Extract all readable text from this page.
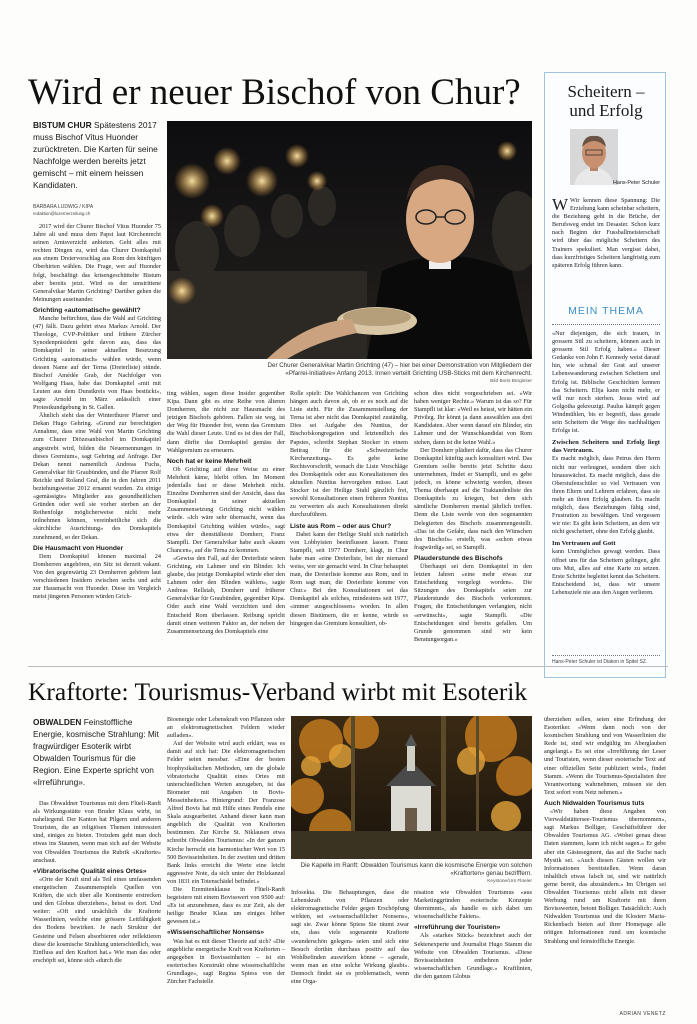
Wird er neuer Bischof von Chur?
BISTUM CHUR Spätestens 2017 muss Bischof Vitus Huonder zurücktreten. Die Karten für seine Nachfolge werden bereits jetzt gemischt – mit einem heissen Kandidaten.
BARBARA LUDWIG / KIPA
redaktion@luzernerzeitung.ch

2017 wird der Churer Bischof Vitus Huonder 75 Jahre alt und muss dem Papst laut Kirchenrecht seinen Amtsverzicht anbieten. Geht alles mit rechten Dingen zu, wird das Churer Domkapitel aus einem Dreiervorschlag aus Rom den künftigen Oberhirten wählen. Die Frage, wer auf Huonder folgt, beschäftigt das krisengeschüttelte Bistum aber bereits jetzt. Wird es der umstrittene Generalvikar Martin Grichting? Darüber gehen die Meinungen auseinander.

Grichting «automatisch» gewählt?

Manche befürchten, dass die Wahl auf Grichting (47) fällt. Dazu gehört etwa Markus Arnold. Der Theologe, CVP-Politiker und frühere Zürcher Synodenpräsident geht davon aus, dass das Domkapitel in seiner aktuellen Besetzung Grichting «automatisch» wählen würde, wenn dessen Name auf der Terna (Dreierliste) stünde. Bischof Amédée Grab, der Nachfolger von Wolfgang Haas, habe das Domkapitel «mit mit Leuten aus dem Dunstkreis von Haas bestückt», sagte Arnold im März anlässlich einer Protestkundgebung in St. Gallen.

Ähnlich sieht das der Winterthurer Pfarrer und Dekan Hugo Gehring. «Grund zur berechtigten Annahme, dass eine Wahl von Martin Grichting zum Churer Diözesanbischof im Domkapitel angestrebt wird, bilden die Neuernennungen in dieses Gremium», sagt Gehring auf Anfrage. Der Dekan nennt namentlich Andreas Fuchs, Generalvikar für Graubünden, und die Pfarrer Rolf Reichle und Roland Graf, die in den Jahren 2011 beziehungsweise 2012 ernannt wurden. Zu einige «gemässigte» Mitglieder aus gesundheitlichen Gründen oder weil sie vorher sterben an der Reihenfolge möglicherweise nicht mehr teilnehmen können, vereinheitliche sich die «kirchliche Ausrichtung» des Domkapitels zunehmend, so der Dekan.

Die Hausmacht von Huonder

Dem Domkapitel können maximal 24 Domherren angehören, ein Sitz ist derzeit vakant. Von den gegenwärtig 23 Domherren gehören laut verschiedenen Insidern zwischen sechs und acht zur Hausmacht von Huonder. Diese im Vergleich meist jüngeren Personen würden Grich-

Der Churer Generalvikar Martin Grichting (47) – hier bei einer Demonstration von Mitgliedern der «Pfarrei-Initiative» Anfang 2013. Innen verteilt Grichting USB-Sticks mit dem Kirchenrecht.
Bild Boris Bürgisser

ting wählen, sagen diese Insider gegenüber Kipa. Dann gibt es eine Reihe von älteren Domherren, die nicht zur Hausmacht des jetzigen Bischofs gehören. Fallen sie weg, ist der Weg für Huonder frei, wenn das Gremium die Wahl dieser Leute. Und es ist dies der Fall, dann dürfte das Domkapitel gemäss der Wahlgremium zu erneuern.

Noch hat er keine Mehrheit

Ob Grichting auf diese Weise zu einer Mehrheit käme, bleibt offen. Im Moment jedenfalls fast er diese Mehrheit nicht. Einzelne Domherren sind der Ansicht, dass das Domkapitel in seiner aktuellen Zusammensetzung Grichting nicht wählen würde. «Ich wäre sehr überrascht, wenn das Domkapitel Grichting wählen würde», sagt etwa der diensttälteste Domherr, Franz Stampfli. Der Generalvikar habe auch «kaum Chancen», auf die Terna zu kommen.

«Gewiss den Fall, auf der Dreierliste wären Grichting, ein Lahmer und ein Blinder. Ich glaube, das jetzige Domkapitel würde eher den Lahmen oder den Blinden wählen», sagte Andreas Rellstab, Domherr und früherer Generalvikar für Graubünden, gegenüber Kipa. Oder auch eine Wahl verzichten und den Entscheid Rom überlassen. Reibung spricht damit einen weiteren Faktor an, der neben der Zusammensetzung des Domkapitels eine

Rolle spielt: Die Wahlchancen von Grichting hängen auch davon ab, ob er es noch auf die Liste steht. Für die Zusammenstellung der Terna ist aber nicht das Domkapitel zuständig. Dies sei Aufgabe des Nuntius, der Bischofskongregation und letztendlich des Papstes, schreibt Stephan Stocker in einem Beitrag für die «Schweizerische Kirchenzeitung». Es gebe keine Rechtsvorschrift, wonach die Liste Vorschläge des Domkapitels oder aus Konsultationen des aktuellen Nuntius hervorgehen müsse. Laut Stocker ist der Heilige Stuhl gänzlich frei, sowohl Konsultationen einen früheren Nuntius zu verwerten als auch Konsultationen direkt durchzuführen.

Liste aus Rom – oder aus Chur?

Dabei kann der Heilige Stuhl sich natürlich von Lobbyisten beeinflussen lassen. Franz Stampfli, seit 1977 Domherr, klagt, in Chur habe man «eine Dreierliste, bei der niemand weiss, wer sie gemacht wird. In Chur behauptet man, die Dreierliste komme aus Rom, und in Rom sagt man, die Dreierliste komme von Chur.» Bei den Konsultationen sei das Domkapitel als solches, mindestens seit 1977, «immer ausgeschlossen» worden. In allen diesen Bistümern, die er kenne, würde es hingegen das Gremium konsultiert, ob-

schon dies nicht vorgeschrieben sei. «Wir haben weniger Rechte.» Warum ist das so? Für Stampfli ist klar: «Weil es heisst, wir hätten ein Privileg. Ihr könnt ja dann auswählen aus drei Kandidaten. Aber wenn darauf ein Blinder, ein Lahmer und der Wunschkandidat von Rom stehen, dann ist die keine Wahl.»

Der Domherr plädiert dafür, dass das Churer Domkapitel künftig auch konsultiert wird. Das Gremium sollte bereits jetzt Schritte dazu unternehmen, findet er Stampfli, und es gebe jedoch, es könne schwierig werden, dieses Thema überhaupt auf die Traktandenliste des Domkapitels zu kriegen, bei dem sich sämtliche Domherren mental jährlich treffen. Denn die Liste werde von den sogenannten Delegierten des Bischofs zusammengestellt. «Das ist die Gefahr, dass nach den Wünschen des Bischofs» erstellt, was «schon etwas fragwürdig» sei, so Stampfli.

Plauderstunde des Bischofs

Überhaupt sei dem Domkapitel in den letzten Jahren «eine mehr etwas zur Entscheidung vorgelegt worden». Die Sitzungen des Domkapitels seien zur Plauderstunde des Bischofs verkommen. Fragen, die Entscheidungen verlangten, nicht «erwünscht», sagte Stampfli. «Die Entscheidungen sind bereits gefallen. Um Grunde genommen sind wir kein Beratungsorgan.»

Scheitern – und Erfolg
Hans-Peter Schuler

W Wir kennen diese Spannung: Die Erziehung kann scheinbar scheitern, die Beziehung geht in die Brüche, der Berufsweg endet im Desaster. Schon kurz nach Beginn der Fussballmeisterschaft wird über das mögliche Scheitern des Trainers spekuliert. Man vergisst dabei, dass kurzfristiges Scheitern langfristig zum späteren Erfolg führen kann.

MEIN THEMA

«Nur diejenigen, die sich trauen, in grossem Stil zu scheitern, können auch in grossem Stil Erfolg haben.» Dieser Gedanke von John F. Kennedy weist darauf hin, wie schmal der Grat auf unserer Lebenswanderung zwischen Scheitern und Erfolg ist. Biblische Geschichten kennen das Scheitern. Elija kann nicht mehr, er will nur noch sterben. Jesus wird auf Golgotha gekreuzigt. Paulus kämpft gegen Windmühlen, bis er begreift, dass gerade sein Scheitern die Wege des nachhaltigen Erfolgs ist.

Zwischen Scheitern und Erfolg liegt das Vertrauen.

Es macht möglich, dass Petrus den Herrn nicht nur verleugnet, sondern über sich hinauswächst. Es macht möglich, dass die Oberstufenschüler so viel Vertrauen von ihren Eltern und Lehrern erfahren, dass sie mehr an ihren Erfolg glauben. Es macht möglich, dass Beziehungen fähig sind, Frustration zu bewältigen. Und vergessen wir nie: Es gibt kein Scheitern, an dem wir nicht gescheitert, ohne den Erfolg glaubt.

Im Vertrauen auf Gott

kann Unmögliches gewagt werden. Dass öffnet uns für das Scheitern gelingen, gibt uns Mut, alles auf eine Karte zu setzen. Erste Schritte begleitet kennt das Scheitern. Entscheidend ist, dass wir unsere Lebensziele nie aus den Augen verlieren.

Hans-Peter Schuler ist Diakon in Spitel SZ.
Kraftorte: Tourismus-Verband wirbt mit Esoterik
OBWALDEN Feinstoffliche Energie, kosmische Strahlung: Mit fragwürdiger Esoterik wirbt Obwalden Tourismus für die Region. Eine Experte spricht von «Irreführung».

Das Obwaldner Tourismus mit dem Flüeli-Ranft als Wirkungsstätte von Bruder Klaus wirbt, ist naheliegend. Der Kanton hat Pilgern und anderen Touristen, die an religiösen Themen interessiert sind, einiges zu bieten. Trotzdem geht man doch etwas ins Staunen, wenn man sich auf der Website von Obwalden Tourismus die Rubrik «Kraftorte» anschaut.

«Vibratorische Qualität eines Ortes»

«Orte der Kraft sind als Teil eines umfassenden energetischen Zusammenspiels Quellen von Kräften, die sich über alle Kontinente erstrecken und den Globus überziehen», heisst es dort. Und weiter: «Oft sind ursächlich die Kraftorte Wasserlinien, welche eine grössere Leitfähigkeit des Bodens bewirken. Je nach Struktur der Gesteine und Felsen absorbieren oder reflektieren diese die kosmische Strahlung unterschiedlich, was Einfluss auf den Kraftort hat.» Wie man das oder erschöpft sei, könne sich «durch die

Bioenergie oder Lebenskraft von Pflanzen oder an elektromagnetischen Feldern wieder aufladen».

Auf der Website wird auch erklärt, was es damit auf sich hat: Die elektromagnetischen Felder seien messbar. «Eine der besten biophysikalischen Methoden, um die globale vibratorische Qualität eines Ortes mit unterschiedlichen Werten anzugeben, ist das Biometer mit Angaben in Bovis-Messeinheiten.» Hintergrund: Der Franzose Alfred Bovis hat mit Hilfe eines Pendels eine Skala ausgearbeitet. Anhand dieser kann man angeblich die Qualität von Kraftorten bestimmen. Zur Kirche St. Niklausen etwa schreibt Obwalden Tourismus: «In der ganzen Kirche herrscht ein harmonischer Wert von 15 500 Bovisseinheiten. In der zweiten und dritten Bank links erreicht die Werte eine leicht aggressive Note, da sich unter der Holzkanzel von 1831 ein Totenschädel befindet.»

Die Eremitenklause in Flüeli-Ranft begeistere mit einem Bovisswert von 9500 auf: «Es ist anzunehmen, dass es zur Zeit, als der heilige Bruder Klaus um einiges höher gewesen ist.»

«Wissenschaftlicher Nonsens»

Was hat es mit dieser Theorie auf sich? «Die angebliche energetische Kraft von Kraftorten – angegeben in Bovisseinheiten – ist ein esoterisches Konstrukt ohne wissenschaftliche Grundlage», sagt Regina Spiess von der Zürcher Fachstelle

Die Kapelle im Ranft: Obwalden Tourismus kann die kosmische Energie von solchen «Kraftorten» genau bezifffern.
Keystone/Urs Flüeler

Infosekta. Die Behauptungen, dass die Lebenskraft von Pflanzen oder elektromagnetische Felder gegen Erschöpfung wirkten, sei «wissenschaftlicher Nonsens», sagt sie. Zwar könne Spiess Sie räumt zwar ein, dass viele sogenannte Kraftorte «wunderschön gelegen» seien und sich eine Besuch dorthin durchaus positiv auf das Wohlbefinden auswirken könne – «gerade, wenn man an eine solche Wirkung glaubt». Dennoch findet sie es problematisch, wenn eine Orga-

nisation wie Obwalden Tourismus «aus Marketinggründen esoterische Konzepte übernimmt», als handle es sich dabei um wissenschaftliche Fakten».

«Irreführung der Touristen»

Als «starkes Stück» bezeichnet auch der Sektenexperte und Journalist Hugo Stamm die Website von Obwalden Tourismus. «Diese Bovisseinheiten entbehren jeder wissenschaftlichen Grundlage.» Kraftlinien, die den ganzen Globus

überziehen sollen, seien eine Erfindung der Esoteriker. «Wenn dann noch von der kosmischen Strahlung und von Wasserlinien die Rede ist, sind wir endgültig im Aberglauben angelangt.» Es sei eine «Irreführung der Leser und Touristen, wenn dieser esoterische Text auf einer offiziellen Seite publiziert wird», findet Stamm. «Wenn die Tourismus-Spezialisten ihre Verantwortung wahrnehmen, müssen sie den Text sofort vom Netz nehmen.»

Auch Nidwalden Tourismus tuts

«Wir haben diese Angaben von Vierwaldstättersee-Tourismus übernommen», sagt Markus Bolliger, Geschäftsführer der Obwalden Tourismus AG. «Wobei genau diese Daten stammen, kann ich nicht sagen.» Er gebe aber ein Gästesegment, das auf die Suche nach Mystik sei. «Auch diesen Gästen wollen wir Informationen bereitstellen. Wenn daran inhaltlich etwas falsch ist, sind wir natürlich gerne bereit, das abzuändern.» Im Übrigen sei Obwalden Tourismus nicht allein mit dieser Werbung rund um Kraftorte mit ihren Bovisswerten, betont Bolliger. Tatsächlich: Auch Nidwalden Tourismus und die Klosterr Maria-Rickenbach bieten auf ihrer Homepage alle nötigen Informationen rund um kosmische Strahlung und feinstoffliche Energie.

ADRIAN VENETZ
